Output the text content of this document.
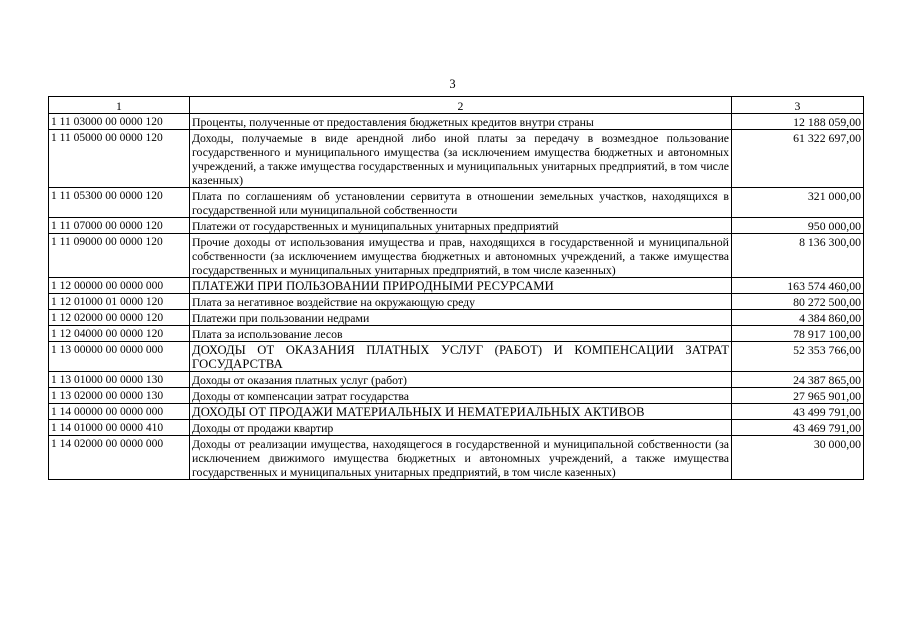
3
1	2	3
1 11 03000 00 0000 120	Проценты, полученные от предоставления бюджетных кредитов внутри страны	12 188 059,00
1 11 05000 00 0000 120	Доходы, получаемые в виде арендной либо иной платы за передачу в возмездное пользование государственного и муниципального имущества (за исключением имущества бюджетных и автономных учреждений, а также имущества государственных и муниципальных унитарных предприятий, в том числе казенных)	61 322 697,00
1 11 05300 00 0000 120	Плата по соглашениям об установлении сервитута в отношении земельных участков, находящихся в государственной или муниципальной собственности	321 000,00
1 11 07000 00 0000 120	Платежи от государственных и муниципальных унитарных предприятий	950 000,00
1 11 09000 00 0000 120	Прочие доходы от использования имущества и прав, находящихся в государственной и муниципальной собственности (за исключением имущества бюджетных и автономных учреждений, а также имущества государственных и муниципальных унитарных предприятий, в том числе казенных)	8 136 300,00
1 12 00000 00 0000 000	ПЛАТЕЖИ ПРИ ПОЛЬЗОВАНИИ ПРИРОДНЫМИ РЕСУРСАМИ	163 574 460,00
1 12 01000 01 0000 120	Плата за негативное воздействие на окружающую среду	80 272 500,00
1 12 02000 00 0000 120	Платежи при пользовании недрами	4 384 860,00
1 12 04000 00 0000 120	Плата за использование лесов	78 917 100,00
1 13 00000 00 0000 000	ДОХОДЫ ОТ ОКАЗАНИЯ ПЛАТНЫХ УСЛУГ (РАБОТ) И КОМПЕНСАЦИИ ЗАТРАТ ГОСУДАРСТВА	52 353 766,00
1 13 01000 00 0000 130	Доходы от оказания платных услуг (работ)	24 387 865,00
1 13 02000 00 0000 130	Доходы от компенсации затрат государства	27 965 901,00
1 14 00000 00 0000 000	ДОХОДЫ ОТ ПРОДАЖИ МАТЕРИАЛЬНЫХ И НЕМАТЕРИАЛЬНЫХ АКТИВОВ	43 499 791,00
1 14 01000 00 0000 410	Доходы от продажи квартир	43 469 791,00
1 14 02000 00 0000 000	Доходы от реализации имущества, находящегося в государственной и муниципальной собственности (за исключением движимого имущества бюджетных и автономных учреждений, а также имущества государственных и муниципальных унитарных предприятий, в том числе казенных)	30 000,00
